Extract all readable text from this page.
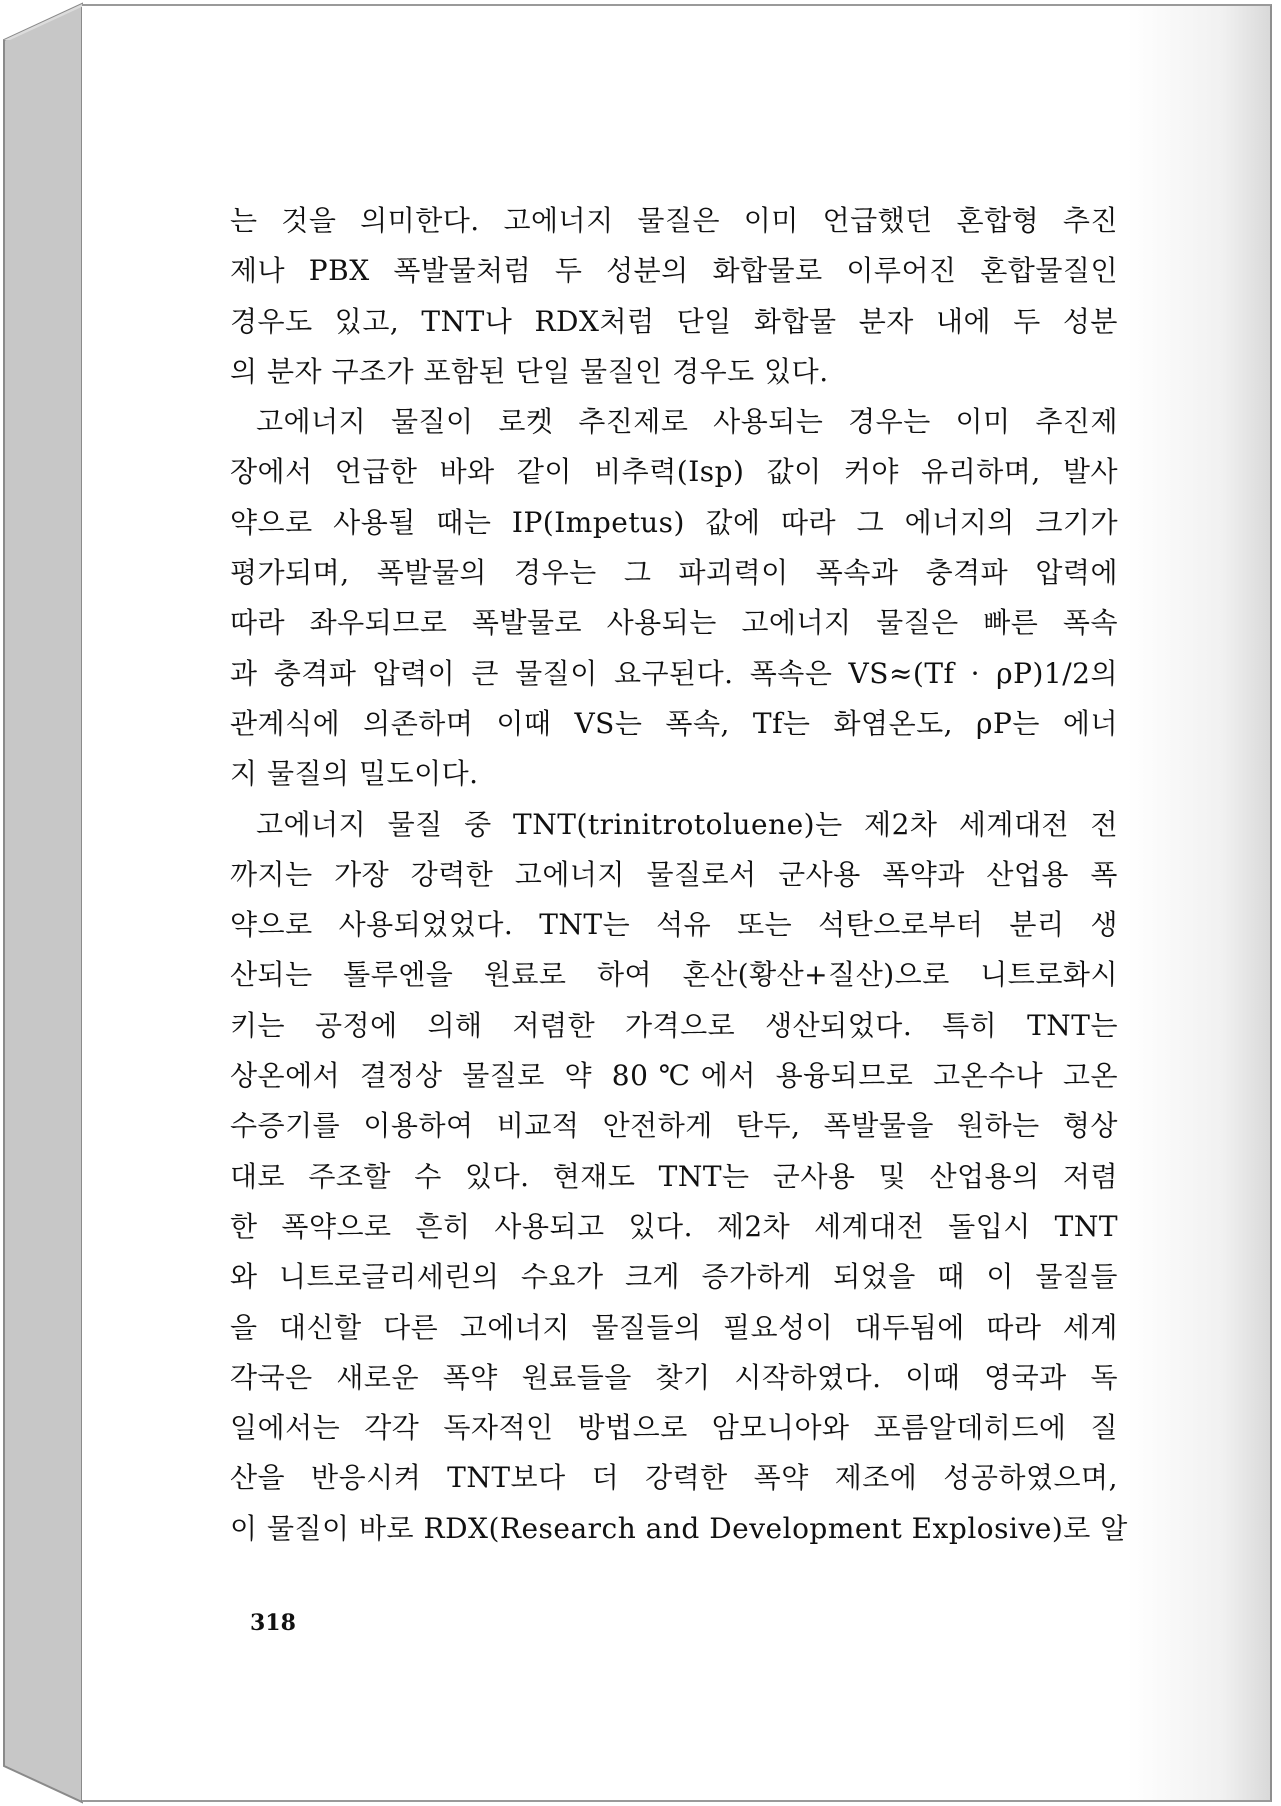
는 것을 의미한다. 고에너지 물질은 이미 언급했던 혼합형 추진
제나 PBX 폭발물처럼 두 성분의 화합물로 이루어진 혼합물질인
경우도 있고, TNT나 RDX처럼 단일 화합물 분자 내에 두 성분
의 분자 구조가 포함된 단일 물질인 경우도 있다.
고에너지 물질이 로켓 추진제로 사용되는 경우는 이미 추진제
장에서 언급한 바와 같이 비추력(Isp) 값이 커야 유리하며, 발사
약으로 사용될 때는 IP(Impetus) 값에 따라 그 에너지의 크기가
평가되며, 폭발물의 경우는 그 파괴력이 폭속과 충격파 압력에
따라 좌우되므로 폭발물로 사용되는 고에너지 물질은 빠른 폭속
과 충격파 압력이 큰 물질이 요구된다. 폭속은 VS≈(Tf · ρP)1/2의
관계식에 의존하며 이때 VS는 폭속, Tf는 화염온도, ρP는 에너
지 물질의 밀도이다.
고에너지 물질 중 TNT(trinitrotoluene)는 제2차 세계대전 전
까지는 가장 강력한 고에너지 물질로서 군사용 폭약과 산업용 폭
약으로 사용되었었다. TNT는 석유 또는 석탄으로부터 분리 생
산되는 톨루엔을 원료로 하여 혼산(황산+질산)으로 니트로화시
키는 공정에 의해 저렴한 가격으로 생산되었다. 특히 TNT는
상온에서 결정상 물질로 약 80℃에서 용융되므로 고온수나 고온
수증기를 이용하여 비교적 안전하게 탄두, 폭발물을 원하는 형상
대로 주조할 수 있다. 현재도 TNT는 군사용 및 산업용의 저렴
한 폭약으로 흔히 사용되고 있다. 제2차 세계대전 돌입시 TNT
와 니트로글리세린의 수요가 크게 증가하게 되었을 때 이 물질들
을 대신할 다른 고에너지 물질들의 필요성이 대두됨에 따라 세계
각국은 새로운 폭약 원료들을 찾기 시작하였다. 이때 영국과 독
일에서는 각각 독자적인 방법으로 암모니아와 포름알데히드에 질
산을 반응시켜 TNT보다 더 강력한 폭약 제조에 성공하였으며,
이 물질이 바로 RDX(Research and Development Explosive)로 알
318
